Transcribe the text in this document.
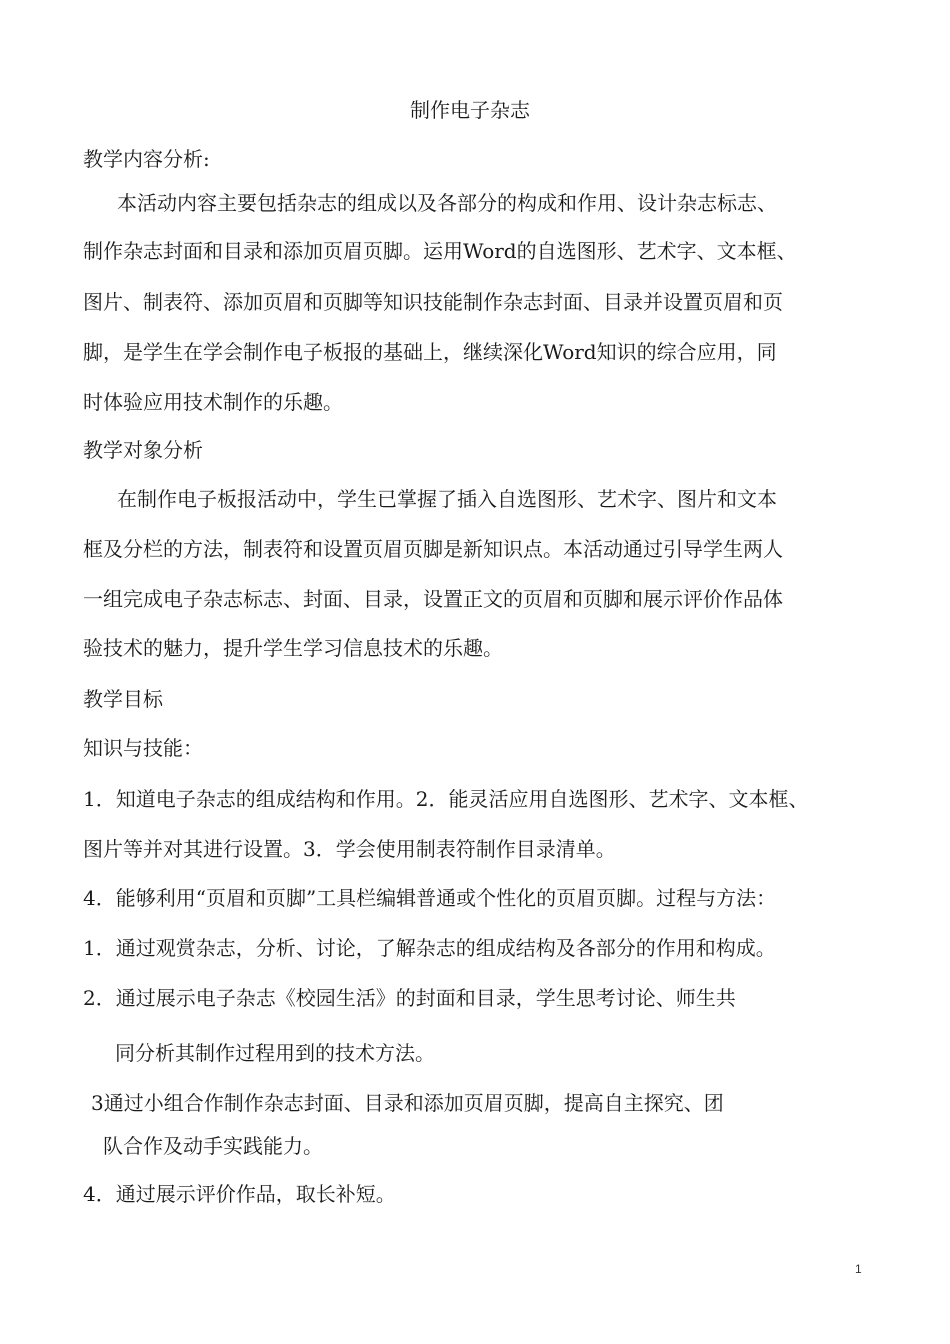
制作电子杂志
教学内容分析:
本活动内容主要包括杂志的组成以及各部分的构成和作用、设计杂志标志、
制作杂志封面和目录和添加页眉页脚。运用Word的自选图形、艺术字、文本框、
图片、制表符、添加页眉和页脚等知识技能制作杂志封面、目录并设置页眉和页
脚，是学生在学会制作电子板报的基础上，继续深化Word知识的综合应用，同
时体验应用技术制作的乐趣。
教学对象分析
在制作电子板报活动中，学生已掌握了插入自选图形、艺术字、图片和文本
框及分栏的方法，制表符和设置页眉页脚是新知识点。本活动通过引导学生两人
一组完成电子杂志标志、封面、目录，设置正文的页眉和页脚和展示评价作品体
验技术的魅力，提升学生学习信息技术的乐趣。
教学目标
知识与技能：
1．知道电子杂志的组成结构和作用。2．能灵活应用自选图形、艺术字、文本框、
图片等并对其进行设置。3．学会使用制表符制作目录清单。
4．能够利用“页眉和页脚”工具栏编辑普通或个性化的页眉页脚。过程与方法：
1．通过观赏杂志，分析、讨论，了解杂志的组成结构及各部分的作用和构成。
2．通过展示电子杂志《校园生活》的封面和目录，学生思考讨论、师生共
同分析其制作过程用到的技术方法。
3通过小组合作制作杂志封面、目录和添加页眉页脚，提高自主探究、团
队合作及动手实践能力。
4．通过展示评价作品，取长补短。
1
